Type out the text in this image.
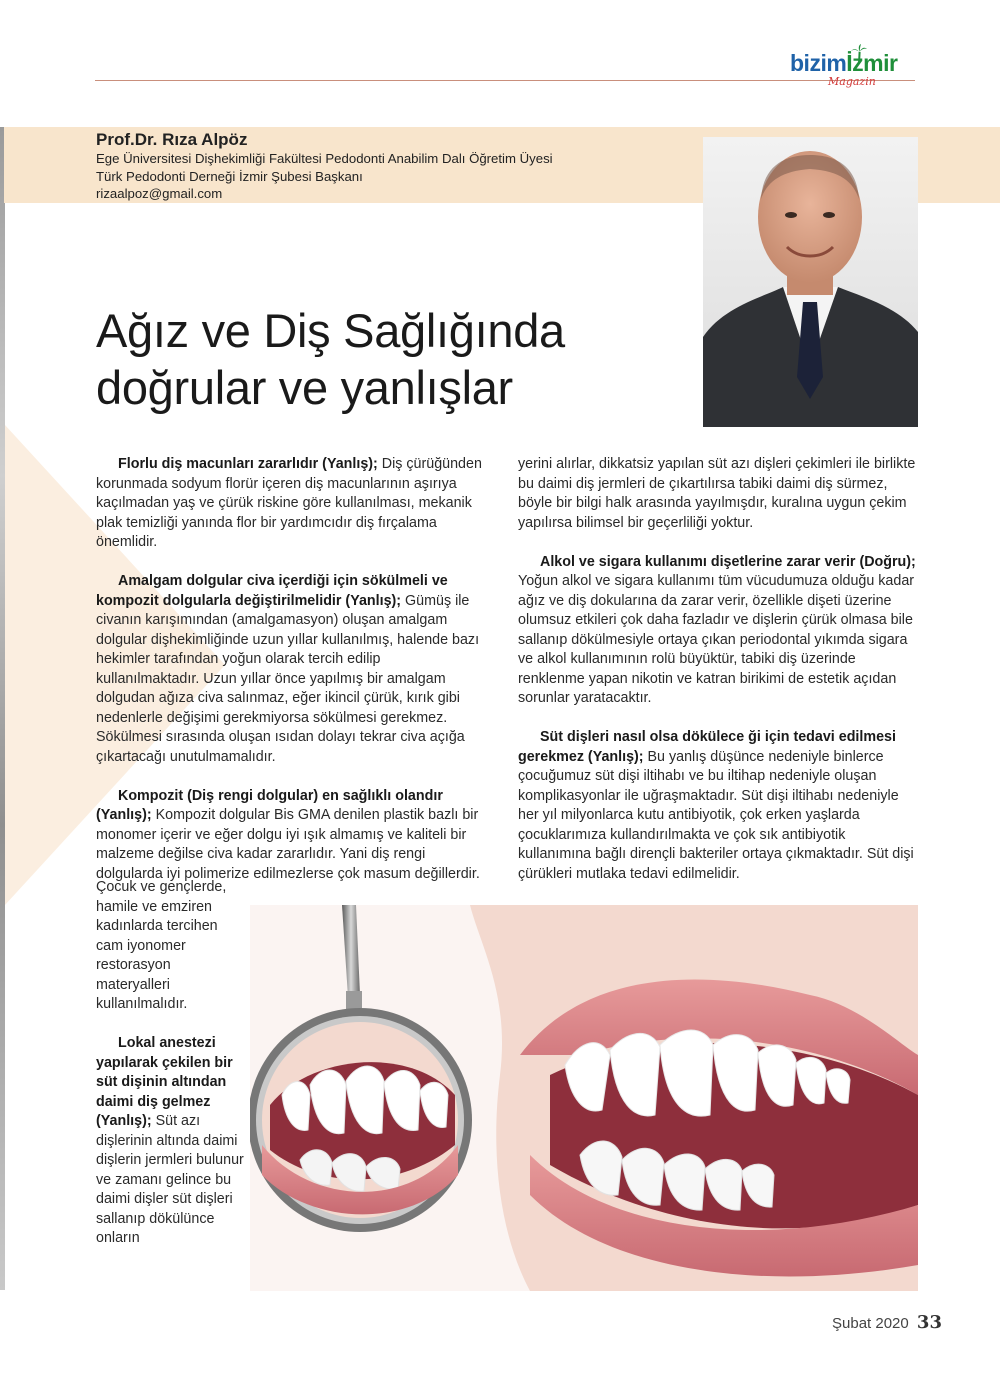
bizimİzmir
Magazin
Prof.Dr. Rıza Alpöz
Ege Üniversitesi Dişhekimliği Fakültesi Pedodonti Anabilim Dalı Öğretim Üyesi
Türk Pedodonti Derneği İzmir Şubesi Başkanı
rizaalpoz@gmail.com
Ağız ve Diş Sağlığında
doğrular ve yanlışlar

Florlu diş macunları zararlıdır (Yanlış); Diş çürüğünden korunmada sodyum florür içeren diş macunlarının aşırıya kaçılmadan yaş ve çürük riskine göre kullanılması, mekanik plak temizliği yanında flor bir yardımcıdır diş fırçalama önemlidir.

Amalgam dolgular civa içerdiği için sökülmeli ve kompozit dolgularla değiştirilmelidir (Yanlış); Gümüş ile civanın karışımından (amalgamasyon) oluşan amalgam dolgular dişhekimliğinde uzun yıllar kullanılmış, halende bazı hekimler tarafından yoğun olarak tercih edilip kullanılmaktadır. Uzun yıllar önce yapılmış bir amalgam dolgudan ağıza civa salınmaz, eğer ikincil çürük, kırık gibi nedenlerle değişimi gerekmiyorsa sökülmesi gerekmez. Sökülmesi sırasında oluşan ısıdan dolayı tekrar civa açığa çıkartacağı unutulmamalıdır.

Kompozit (Diş rengi dolgular) en sağlıklı olandır (Yanlış); Kompozit dolgular Bis GMA denilen plastik bazlı bir monomer içerir ve eğer dolgu iyi ışık almamış ve kaliteli bir malzeme değilse civa kadar zararlıdır. Yani diş rengi dolgularda iyi polimerize edilmezlerse çok masum değillerdir.

Çocuk ve gençlerde, hamile ve emziren kadınlarda tercihen cam iyonomer restorasyon materyalleri kullanılmalıdır.

Lokal anestezi yapılarak çekilen bir süt dişinin altından daimi diş gelmez (Yanlış); Süt azı dişlerinin altında daimi dişlerin jermleri bulunur ve zamanı gelince bu daimi dişler süt dişleri sallanıp dökülünce onların

yerini alırlar, dikkatsiz yapılan süt azı dişleri çekimleri ile birlikte bu daimi diş jermleri de çıkartılırsa tabiki daimi diş sürmez, böyle bir bilgi halk arasında yayılmışdır, kuralına uygun çekim yapılırsa bilimsel bir geçerliliği yoktur.

Alkol ve sigara kullanımı dişetlerine zarar verir (Doğru); Yoğun alkol ve sigara kullanımı tüm vücudumuza olduğu kadar ağız ve diş dokularına da zarar verir, özellikle dişeti üzerine olumsuz etkileri çok daha fazladır ve dişlerin çürük olmasa bile sallanıp dökülmesiyle ortaya çıkan periodontal yıkımda sigara ve alkol kullanımının rolü büyüktür, tabiki diş üzerinde renklenme yapan nikotin ve katran birikimi de estetik açıdan sorunlar yaratacaktır.

Süt dişleri nasıl olsa dökülece ği için tedavi edilmesi gerekmez (Yanlış); Bu yanlış düşünce nedeniyle binlerce çocuğumuz süt dişi iltihabı ve bu iltihap nedeniyle oluşan komplikasyonlar ile uğraşmaktadır. Süt dişi iltihabı nedeniyle her yıl milyonlarca kutu antibiyotik, çok erken yaşlarda çocuklarımıza kullandırılmakta ve çok sık antibiyotik kullanımına bağlı dirençli bakteriler ortaya çıkmaktadır. Süt dişi çürükleri mutlaka tedavi edilmelidir.

Şubat 2020 33
